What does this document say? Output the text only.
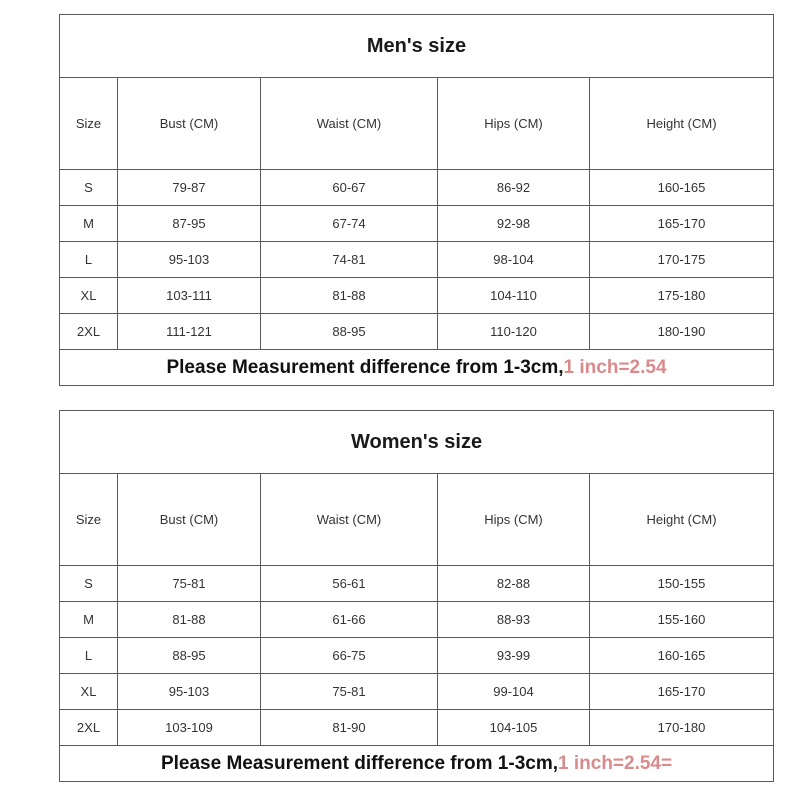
Men's size				
Size	Bust (CM)	Waist (CM)	Hips (CM)	Height (CM)
S	79-87	60-67	86-92	160-165
M	87-95	67-74	92-98	165-170
L	95-103	74-81	98-104	170-175
XL	103-111	81-88	104-110	175-180
2XL	111-121	88-95	110-120	180-190
Please Measurement difference from 1-3cm,1 inch=2.54				
Women's size				
Size	Bust (CM)	Waist (CM)	Hips (CM)	Height (CM)
S	75-81	56-61	82-88	150-155
M	81-88	61-66	88-93	155-160
L	88-95	66-75	93-99	160-165
XL	95-103	75-81	99-104	165-170
2XL	103-109	81-90	104-105	170-180
Please Measurement difference from 1-3cm,1 inch=2.54=				
